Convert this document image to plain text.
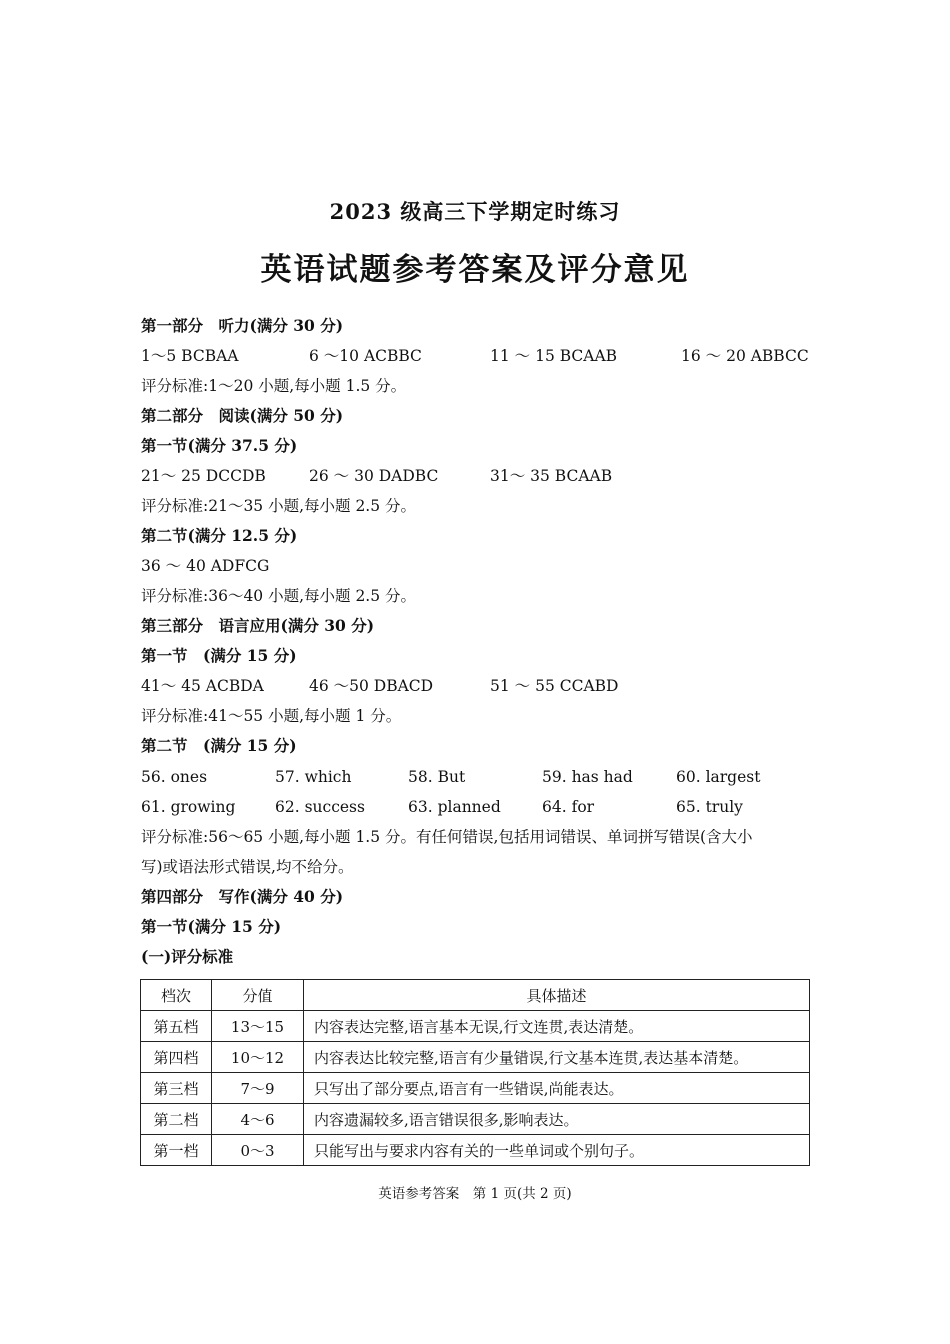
2023 级高三下学期定时练习
英语试题参考答案及评分意见
第一部分　听力(满分 30 分)
1～5 BCBAA	6 ～10 ACBBC	11 ～ 15 BCAAB	16 ～ 20 ABBCC
评分标准:1～20 小题,每小题 1.5 分。
第二部分　阅读(满分 50 分)
第一节(满分 37.5 分)
21～ 25 DCCDB	26 ～ 30 DADBC	31～ 35 BCAAB
评分标准:21～35 小题,每小题 2.5 分。
第二节(满分 12.5 分)
36 ～ 40 ADFCG
评分标准:36～40 小题,每小题 2.5 分。
第三部分　语言应用(满分 30 分)
第一节　(满分 15 分)
41～ 45 ACBDA	46 ～50 DBACD	51 ～ 55 CCABD
评分标准:41～55 小题,每小题 1 分。
第二节　(满分 15 分)
56. ones	57. which	58. But	59. has had	60. largest
61. growing	62. success	63. planned	64. for	65. truly
评分标准:56～65 小题,每小题 1.5 分。有任何错误,包括用词错误、单词拼写错误(含大小
写)或语法形式错误,均不给分。
第四部分　写作(满分 40 分)
第一节(满分 15 分)
(一)评分标准
档次	分值	具体描述
第五档	13～15	内容表达完整,语言基本无误,行文连贯,表达清楚。
第四档	10～12	内容表达比较完整,语言有少量错误,行文基本连贯,表达基本清楚。
第三档	7～9	只写出了部分要点,语言有一些错误,尚能表达。
第二档	4～6	内容遗漏较多,语言错误很多,影响表达。
第一档	0～3	只能写出与要求内容有关的一些单词或个别句子。
英语参考答案　第 1 页(共 2 页)
